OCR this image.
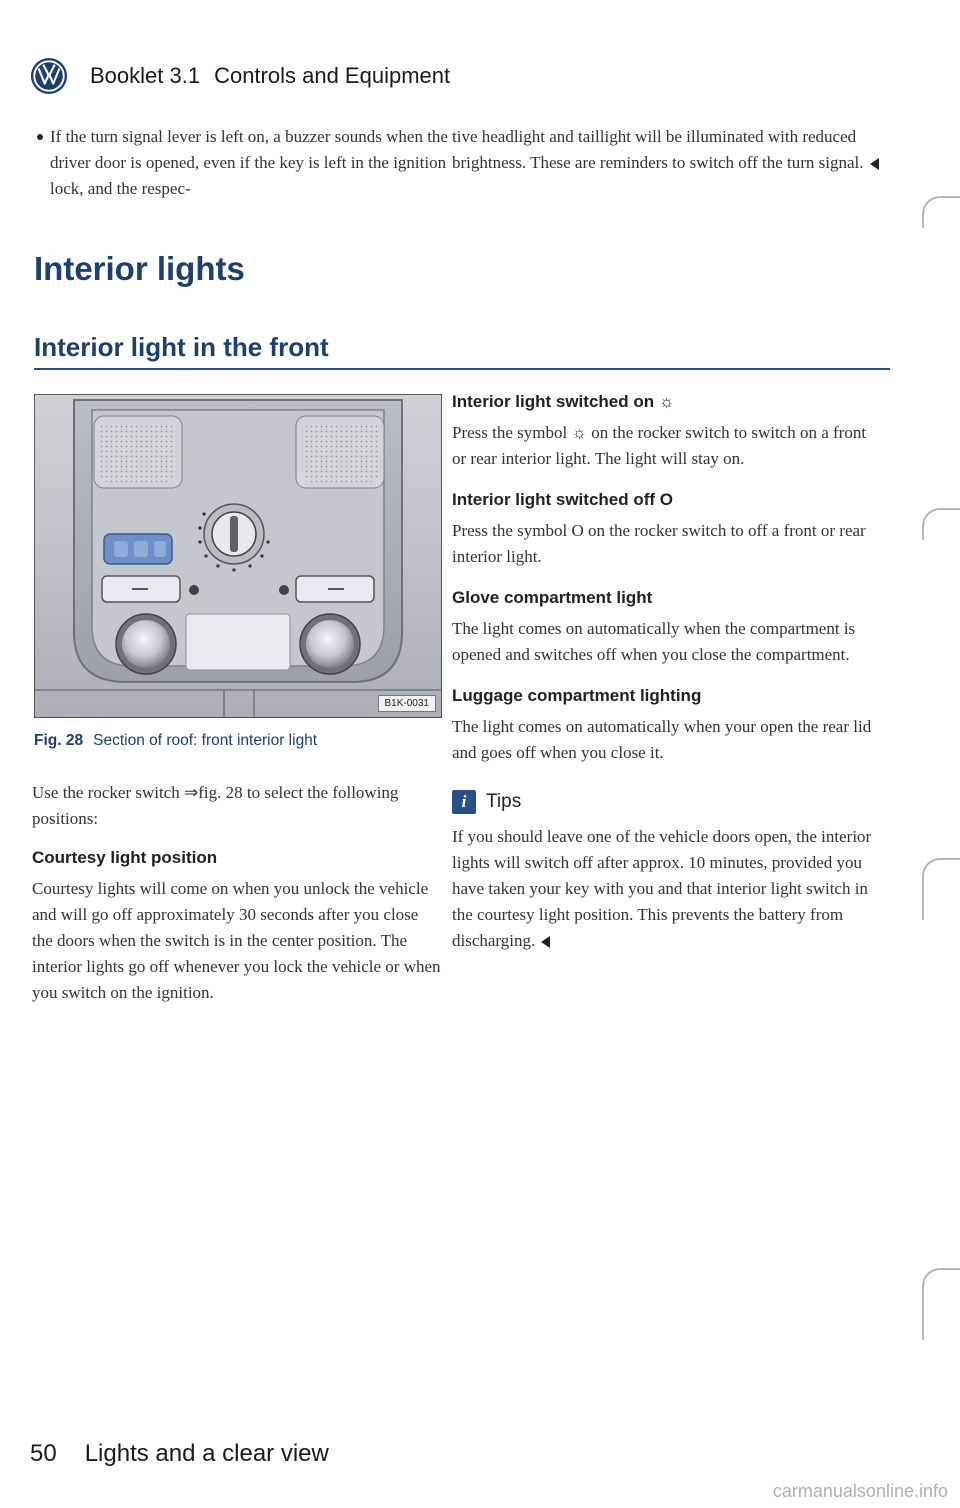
Booklet 3.1 Controls and Equipment

If the turn signal lever is left on, a buzzer sounds when the driver door is opened, even if the key is left in the ignition lock, and the respec-

tive headlight and taillight will be illuminated with reduced brightness. These are reminders to switch off the turn signal.

Interior lights
Interior light in the front
B1K-0031
Fig. 28 Section of roof: front interior light

Use the rocker switch ⇒fig. 28 to select the following positions:

Courtesy light position

Courtesy lights will come on when you unlock the vehicle and will go off approximately 30 seconds after you close the doors when the switch is in the center position. The interior lights go off whenever you lock the vehicle or when you switch on the ignition.

Interior light switched on ☼

Press the symbol ☼ on the rocker switch to switch on a front or rear interior light. The light will stay on.

Interior light switched off O

Press the symbol O on the rocker switch to off a front or rear interior light.

Glove compartment light

The light comes on automatically when the compartment is opened and switches off when you close the compartment.

Luggage compartment lighting

The light comes on automatically when your open the rear lid and goes off when you close it.

i Tips

If you should leave one of the vehicle doors open, the interior lights will switch off after approx. 10 minutes, provided you have taken your key with you and that interior light switch in the courtesy light position. This prevents the battery from discharging.

50 Lights and a clear view
carmanualsonline.info
